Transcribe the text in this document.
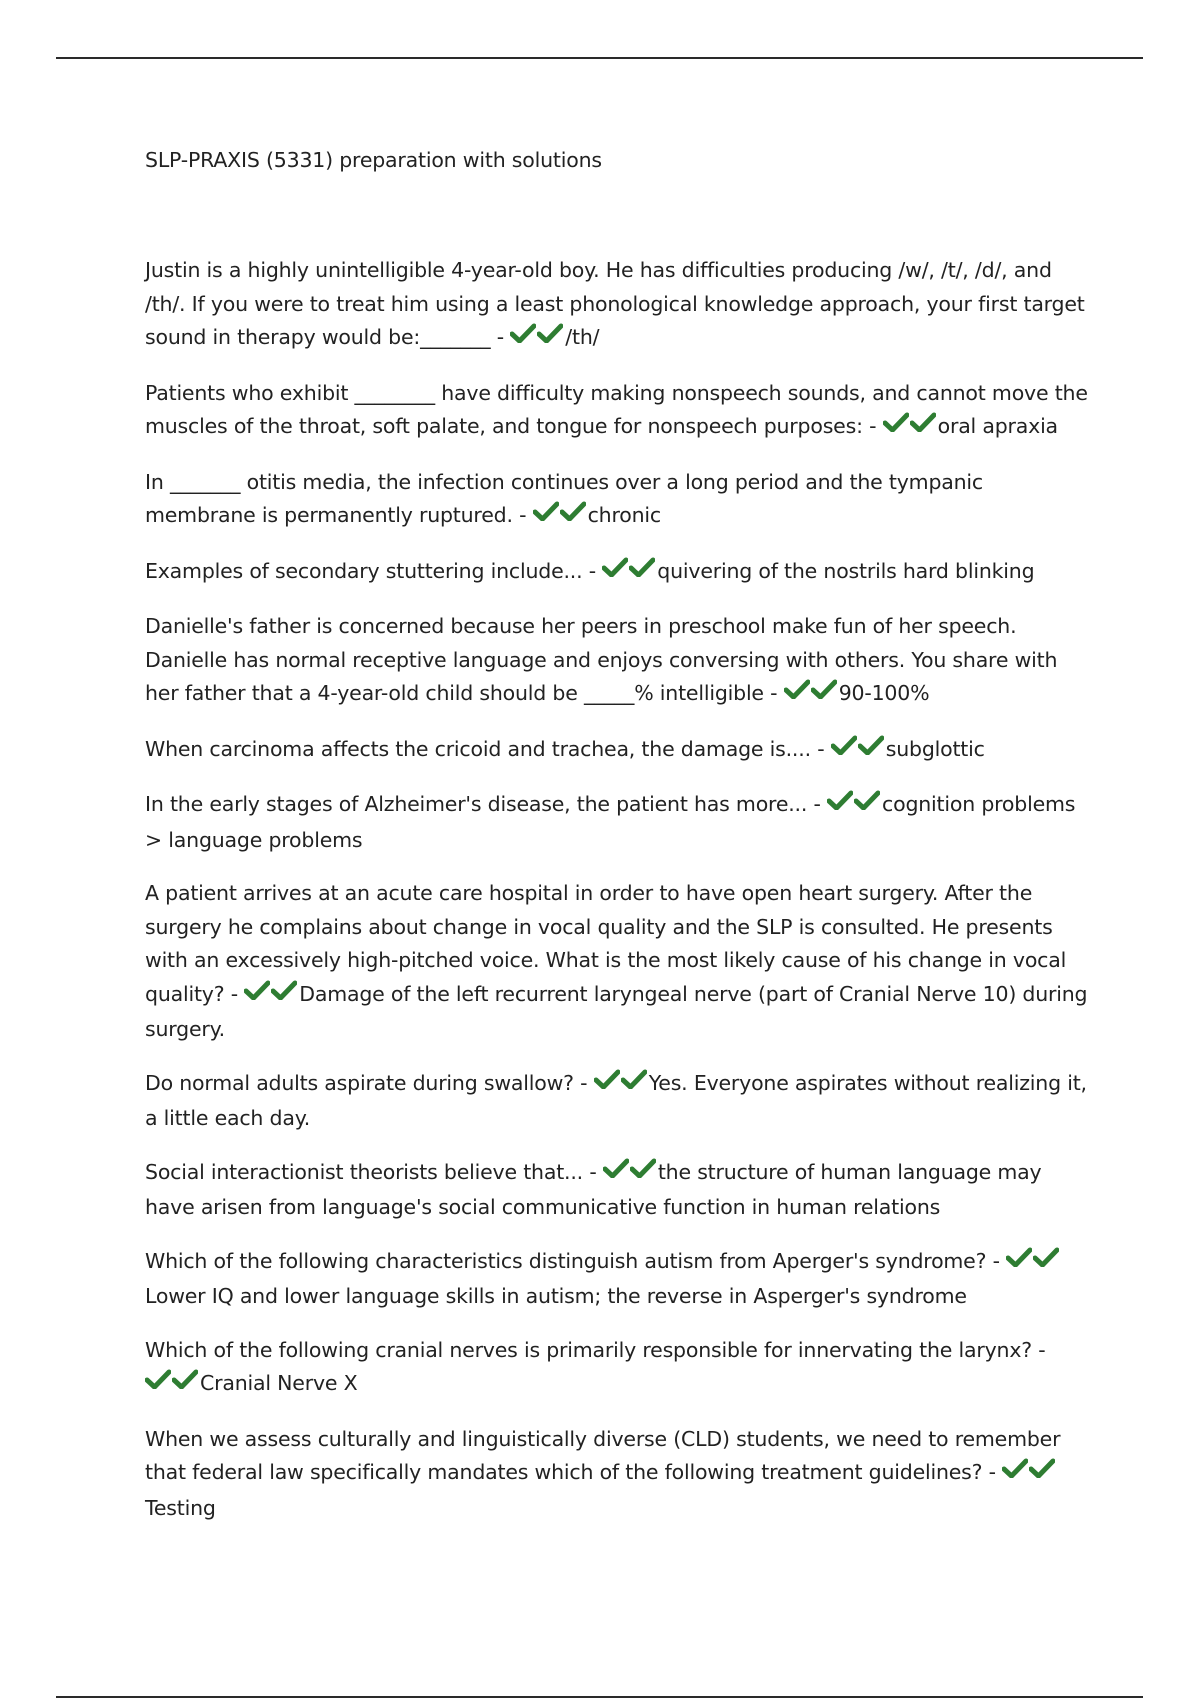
SLP-PRAXIS (5331) preparation with solutions
Justin is a highly unintelligible 4-year-old boy. He has difficulties producing /w/, /t/, /d/, and /th/. If you were to treat him using a least phonological knowledge approach, your first target sound in therapy would be:_______ -	/th/
Patients who exhibit ________ have difficulty making nonspeech sounds, and cannot move the muscles of the throat, soft palate, and tongue for nonspeech purposes: -	oral apraxia
In _______ otitis media, the infection continues over a long period and the tympanic membrane is permanently ruptured. -	chronic
Examples of secondary stuttering include... -	quivering of the nostrils hard blinking
Danielle's father is concerned because her peers in preschool make fun of her speech. Danielle has normal receptive language and enjoys conversing with others. You share with her father that a 4-year-old child should be _____% intelligible -	90-100%
When carcinoma affects the cricoid and trachea, the damage is.... -	subglottic
In the early stages of Alzheimer's disease, the patient has more... -	cognition problems > language problems
A patient arrives at an acute care hospital in order to have open heart surgery. After the surgery he complains about change in vocal quality and the SLP is consulted. He presents with an excessively high-pitched voice. What is the most likely cause of his change in vocal quality? -	Damage of the left recurrent laryngeal nerve (part of Cranial Nerve 10) during surgery.
Do normal adults aspirate during swallow? -	Yes. Everyone aspirates without realizing it, a little each day.
Social interactionist theorists believe that... -	the structure of human language may have arisen from language's social communicative function in human relations
Which of the following characteristics distinguish autism from Aperger's syndrome? -
Lower IQ and lower language skills in autism; the reverse in Asperger's syndrome
Which of the following cranial nerves is primarily responsible for innervating the larynx? -
Cranial Nerve X
When we assess culturally and linguistically diverse (CLD) students, we need to remember that federal law specifically mandates which of the following treatment guidelines? -
Testing
